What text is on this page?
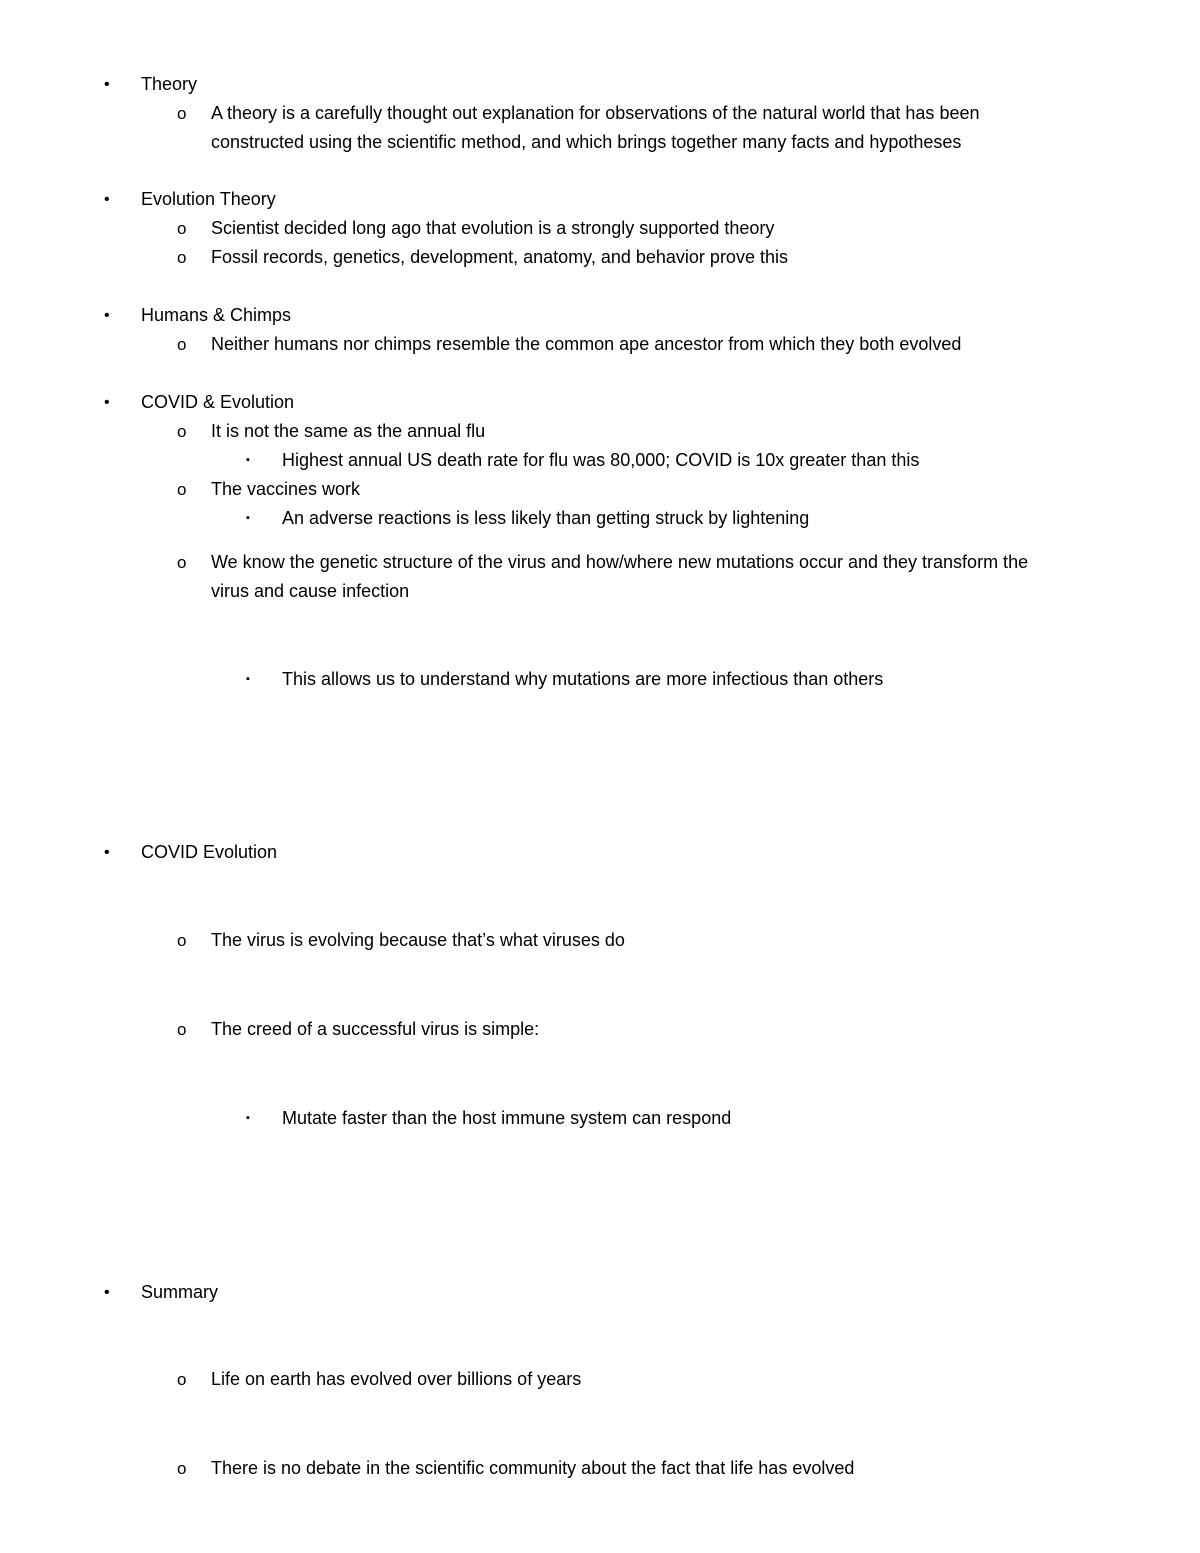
• Theory
o A theory is a carefully thought out explanation for observations of the natural world that has been
constructed using the scientific method, and which brings together many facts and hypotheses
• Evolution Theory
o Scientist decided long ago that evolution is a strongly supported theory
o Fossil records, genetics, development, anatomy, and behavior prove this
• Humans & Chimps
o Neither humans nor chimps resemble the common ape ancestor from which they both evolved
• COVID & Evolution
o It is not the same as the annual flu
▪ Highest annual US death rate for flu was 80,000; COVID is 10x greater than this
o The vaccines work
▪ An adverse reactions is less likely than getting struck by lightening
o We know the genetic structure of the virus and how/where new mutations occur and they transform the
virus and cause infection
▪ This allows us to understand why mutations are more infectious than others
• COVID Evolution
o The virus is evolving because that’s what viruses do
o The creed of a successful virus is simple:
▪ Mutate faster than the host immune system can respond
• Summary
o Life on earth has evolved over billions of years
o There is no debate in the scientific community about the fact that life has evolved
